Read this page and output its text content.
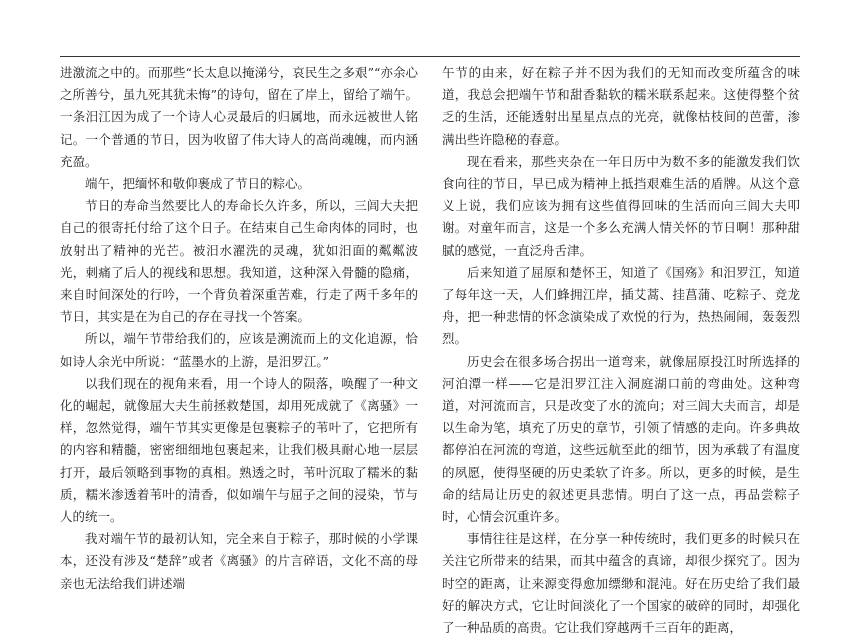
进激流之中的。而那些“长太息以掩涕兮，哀民生之多艰”“亦余心之所善兮，虽九死其犹未悔”的诗句，留在了岸上，留给了端午。一条汨江因为成了一个诗人心灵最后的归属地，而永远被世人铭记。一个普通的节日，因为收留了伟大诗人的高尚魂魄，而内涵充盈。

端午，把缅怀和敬仰裹成了节日的粽心。

节日的寿命当然要比人的寿命长久许多，所以，三闾大夫把自己的很寄托付给了这个日子。在结束自己生命肉体的同时，也放射出了精神的光芒。被汨水濯洗的灵魂，犹如汨面的粼粼波光，刺痛了后人的视线和思想。我知道，这种深入骨髓的隐痛，来自时间深处的行吟，一个背负着深重苦难，行走了两千多年的节日，其实是在为自己的存在寻找一个答案。

所以，端午节带给我们的，应该是溯流而上的文化追源，恰如诗人余光中所说：“蓝墨水的上游，是汨罗江。”

以我们现在的视角来看，用一个诗人的陨落，唤醒了一种文化的崛起，就像屈大夫生前拯救楚国，却用死成就了《离骚》一样，忽然觉得，端午节其实更像是包裹粽子的苇叶了，它把所有的内容和精髓，密密细细地包裹起来，让我们极具耐心地一层层打开，最后领略到事物的真相。熟透之时，苇叶沉取了糯米的黏质，糯米渗透着苇叶的清香，似如端午与屈子之间的浸染，节与人的统一。

我对端午节的最初认知，完全来自于粽子，那时候的小学课本，还没有涉及“楚辞”或者《离骚》的片言碎语，文化不高的母亲也无法给我们讲述端

午节的由来，好在粽子并不因为我们的无知而改变所蕴含的味道，我总会把端午节和甜香黏软的糯米联系起来。这使得整个贫乏的生活，还能透射出星星点点的光亮，就像枯枝间的芭蕾，渗满出些许隐秘的春意。

现在看来，那些夹杂在一年日历中为数不多的能激发我们饮食向往的节日，早已成为精神上抵挡艰难生活的盾牌。从这个意义上说，我们应该为拥有这些值得回味的生活而向三闾大夫叩谢。对童年而言，这是一个多么充满人情关怀的节日啊！那种甜腻的感觉，一直泛舟舌津。

后来知道了屈原和楚怀王，知道了《国殇》和汨罗江，知道了每年这一天，人们蜂拥江岸，插艾蒿、挂菖蒲、吃粽子、竞龙舟，把一种悲情的怀念演染成了欢悦的行为，热热闹闹，轰轰烈烈。

历史会在很多场合拐出一道弯来，就像屈原投江时所选择的河泊潭一样——它是汨罗江注入洞庭湖口前的弯曲处。这种弯道，对河流而言，只是改变了水的流向；对三闾大夫而言，却是以生命为笔，填充了历史的章节，引领了情感的走向。许多典故都停泊在河流的弯道，这些远航至此的细节，因为承载了有温度的夙愿，使得坚硬的历史柔软了许多。所以，更多的时候，是生命的结局让历史的叙述更具悲情。明白了这一点，再品尝粽子时，心情会沉重许多。

事情往往是这样，在分享一种传统时，我们更多的时候只在关注它所带来的结果，而其中蕴含的真谛，却很少探究了。因为时空的距离，让来源变得愈加缥缈和混沌。好在历史给了我们最好的解决方式，它让时间淡化了一个国家的破碎的同时，却强化了一种品质的高贵。它让我们穿越两千三百年的距离，
